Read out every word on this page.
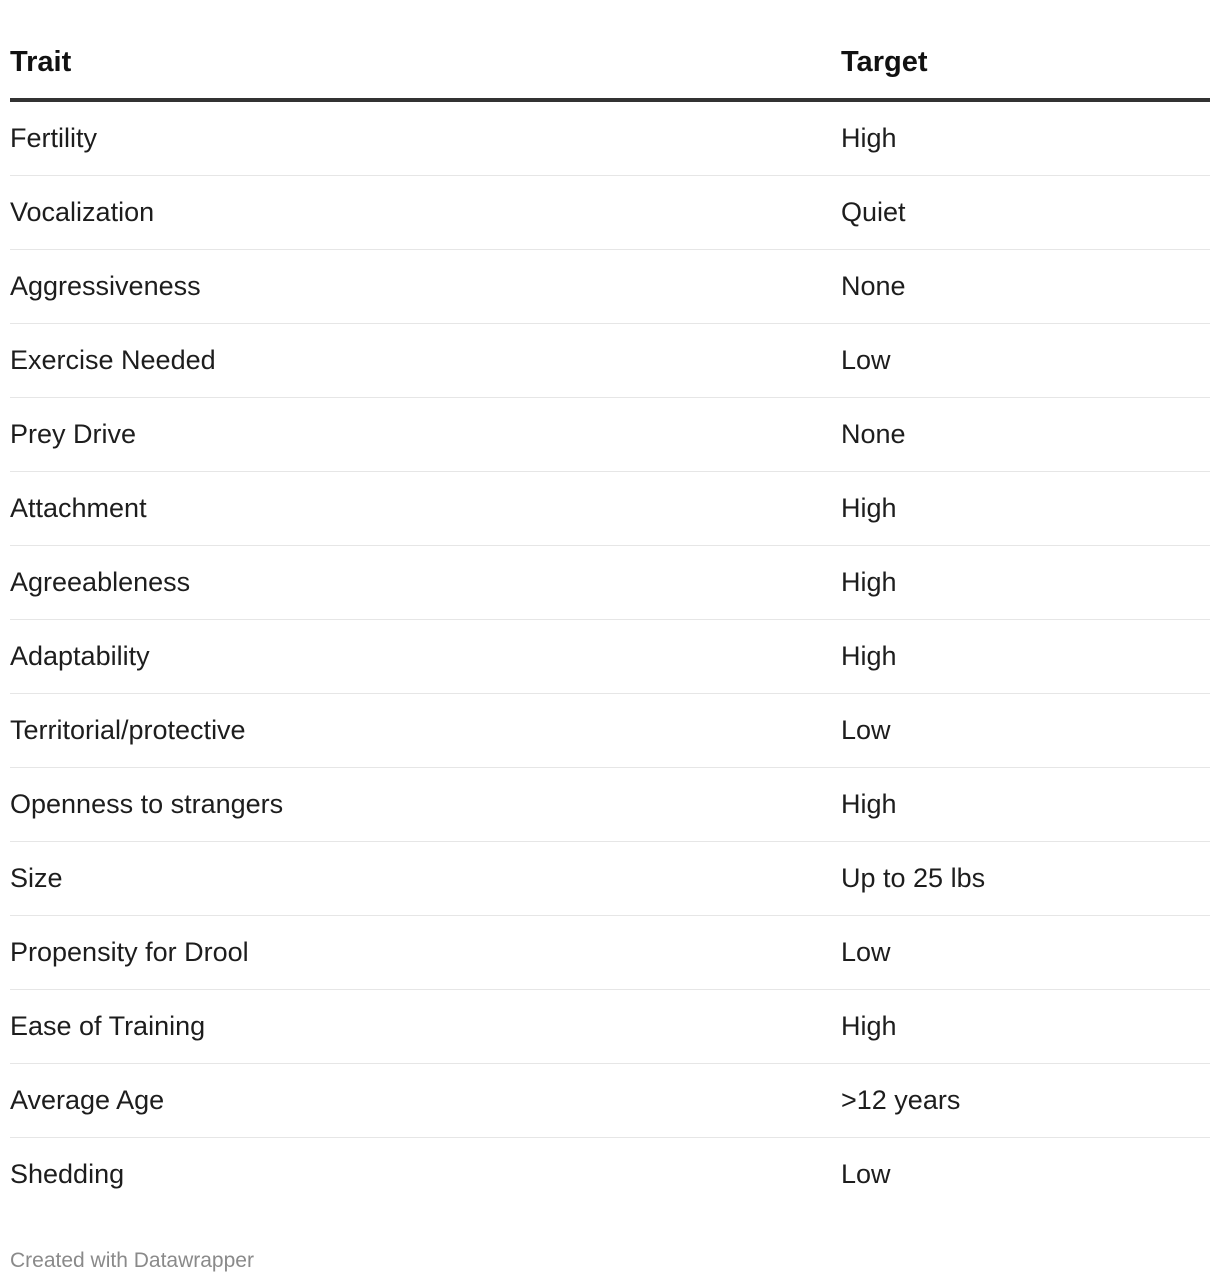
Trait	Target
Fertility	High
Vocalization	Quiet
Aggressiveness	None
Exercise Needed	Low
Prey Drive	None
Attachment	High
Agreeableness	High
Adaptability	High
Territorial/protective	Low
Openness to strangers	High
Size	Up to 25 lbs
Propensity for Drool	Low
Ease of Training	High
Average Age	>12 years
Shedding	Low
Created with Datawrapper
